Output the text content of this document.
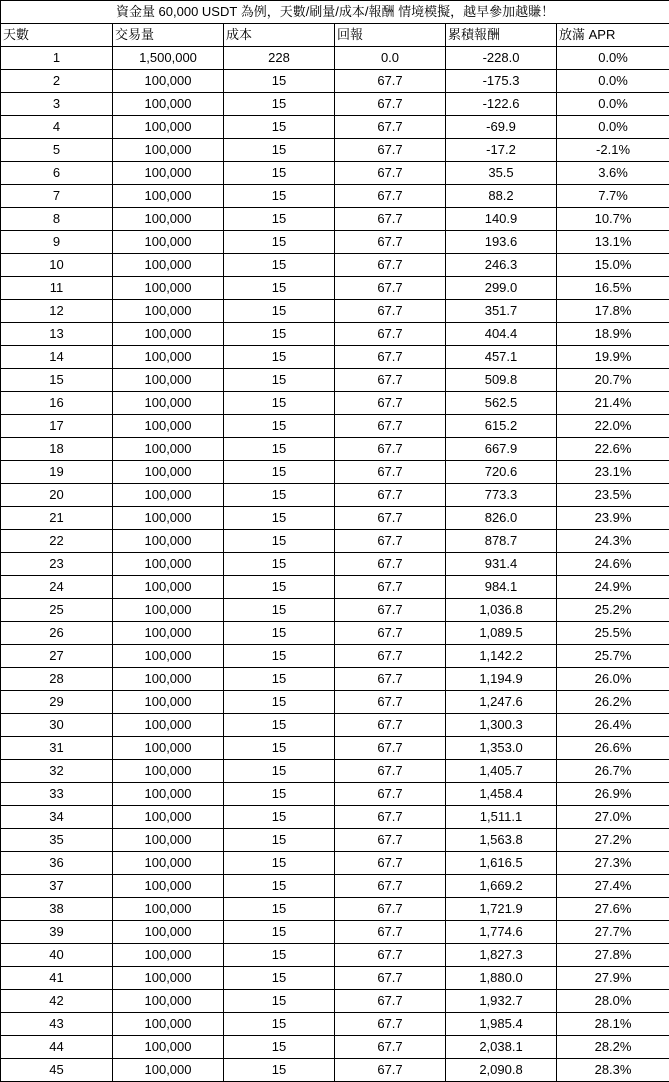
資金量 60,000 USDT 為例，天數/刷量/成本/報酬 情境模擬，越早參加越賺！					
天數	交易量	成本	回報	累積報酬	放滿 APR
1	1,500,000	228	0.0	-228.0	0.0%
2	100,000	15	67.7	-175.3	0.0%
3	100,000	15	67.7	-122.6	0.0%
4	100,000	15	67.7	-69.9	0.0%
5	100,000	15	67.7	-17.2	-2.1%
6	100,000	15	67.7	35.5	3.6%
7	100,000	15	67.7	88.2	7.7%
8	100,000	15	67.7	140.9	10.7%
9	100,000	15	67.7	193.6	13.1%
10	100,000	15	67.7	246.3	15.0%
11	100,000	15	67.7	299.0	16.5%
12	100,000	15	67.7	351.7	17.8%
13	100,000	15	67.7	404.4	18.9%
14	100,000	15	67.7	457.1	19.9%
15	100,000	15	67.7	509.8	20.7%
16	100,000	15	67.7	562.5	21.4%
17	100,000	15	67.7	615.2	22.0%
18	100,000	15	67.7	667.9	22.6%
19	100,000	15	67.7	720.6	23.1%
20	100,000	15	67.7	773.3	23.5%
21	100,000	15	67.7	826.0	23.9%
22	100,000	15	67.7	878.7	24.3%
23	100,000	15	67.7	931.4	24.6%
24	100,000	15	67.7	984.1	24.9%
25	100,000	15	67.7	1,036.8	25.2%
26	100,000	15	67.7	1,089.5	25.5%
27	100,000	15	67.7	1,142.2	25.7%
28	100,000	15	67.7	1,194.9	26.0%
29	100,000	15	67.7	1,247.6	26.2%
30	100,000	15	67.7	1,300.3	26.4%
31	100,000	15	67.7	1,353.0	26.6%
32	100,000	15	67.7	1,405.7	26.7%
33	100,000	15	67.7	1,458.4	26.9%
34	100,000	15	67.7	1,511.1	27.0%
35	100,000	15	67.7	1,563.8	27.2%
36	100,000	15	67.7	1,616.5	27.3%
37	100,000	15	67.7	1,669.2	27.4%
38	100,000	15	67.7	1,721.9	27.6%
39	100,000	15	67.7	1,774.6	27.7%
40	100,000	15	67.7	1,827.3	27.8%
41	100,000	15	67.7	1,880.0	27.9%
42	100,000	15	67.7	1,932.7	28.0%
43	100,000	15	67.7	1,985.4	28.1%
44	100,000	15	67.7	2,038.1	28.2%
45	100,000	15	67.7	2,090.8	28.3%
